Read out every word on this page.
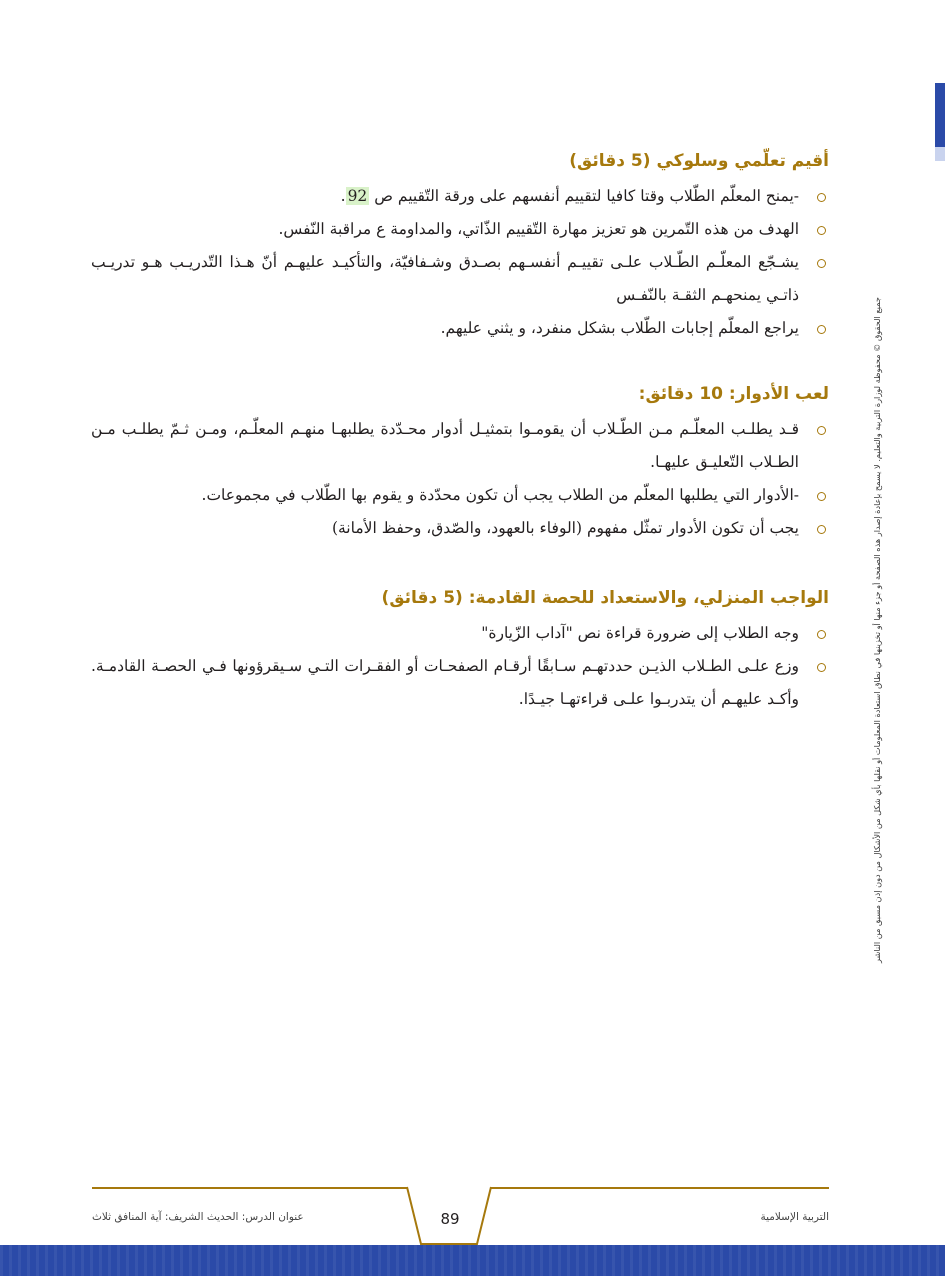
جميع الحقوق © محفوظة لوزارة التربية والتعليم. لا يسمح بإعادة إصدار هذه الصفحة أو جزء منها أو تخزينها في نطاق استعادة المعلومات أو نقلها بأي شكل من الأشكال من دون إذن مسبق من الناشر
أقيم تعلّمي وسلوكي (5 دقائق)
-يمنح المعلّم الطّلاب وقتا كافيا لتقييم أنفسهم على ورقة التّقييم ص 92.
الهدف من هذه التّمرين هو تعزيز مهارة التّقييم الذّاتي، والمداومة ع مراقبة النّفس.
يشـجّع المعلّـم الطّـلاب علـى تقييـم أنفسـهم بصـدق وشـفافيّة، والتأكيـد عليهـم أنّ هـذا التّدريـب هـو تدريـب ذاتـي يمنحهـم الثقـة بالنّفـس
يراجع المعلّم إجابات الطّلاب بشكل منفرد، و يثني عليهم.
لعب الأدوار: 10 دقائق:
قـد يطلـب المعلّـم مـن الطّـلاب أن يقومـوا بتمثيـل أدوار محـدّدة يطلبهـا منهـم المعلّـم، ومـن ثـمّ يطلـب مـن الطـلاب التّعليـق عليهـا.
-الأدوار التي يطلبها المعلّم من الطلاب يجب أن تكون محدّدة و يقوم بها الطّلاب في مجموعات.
يجب أن تكون الأدوار تمثّل مفهوم (الوفاء بالعهود، والصّدق، وحفظ الأمانة)
الواجب المنزلي، والاستعداد للحصة القادمة: (5 دقائق)
وجه الطلاب إلى ضرورة قراءة نص "آداب الزّيارة"
وزع علـى الطـلاب الذيـن حددتهـم سـابقًا أرقـام الصفحـات أو الفقـرات التـي سـيقرؤونها فـي الحصـة القادمـة. وأكـد عليهـم أن يتدربـوا علـى قراءتهـا جيـدًا.
89	التربية الإسلامية
عنوان الدرس: الحديث الشريف: آية المنافق ثلاث
